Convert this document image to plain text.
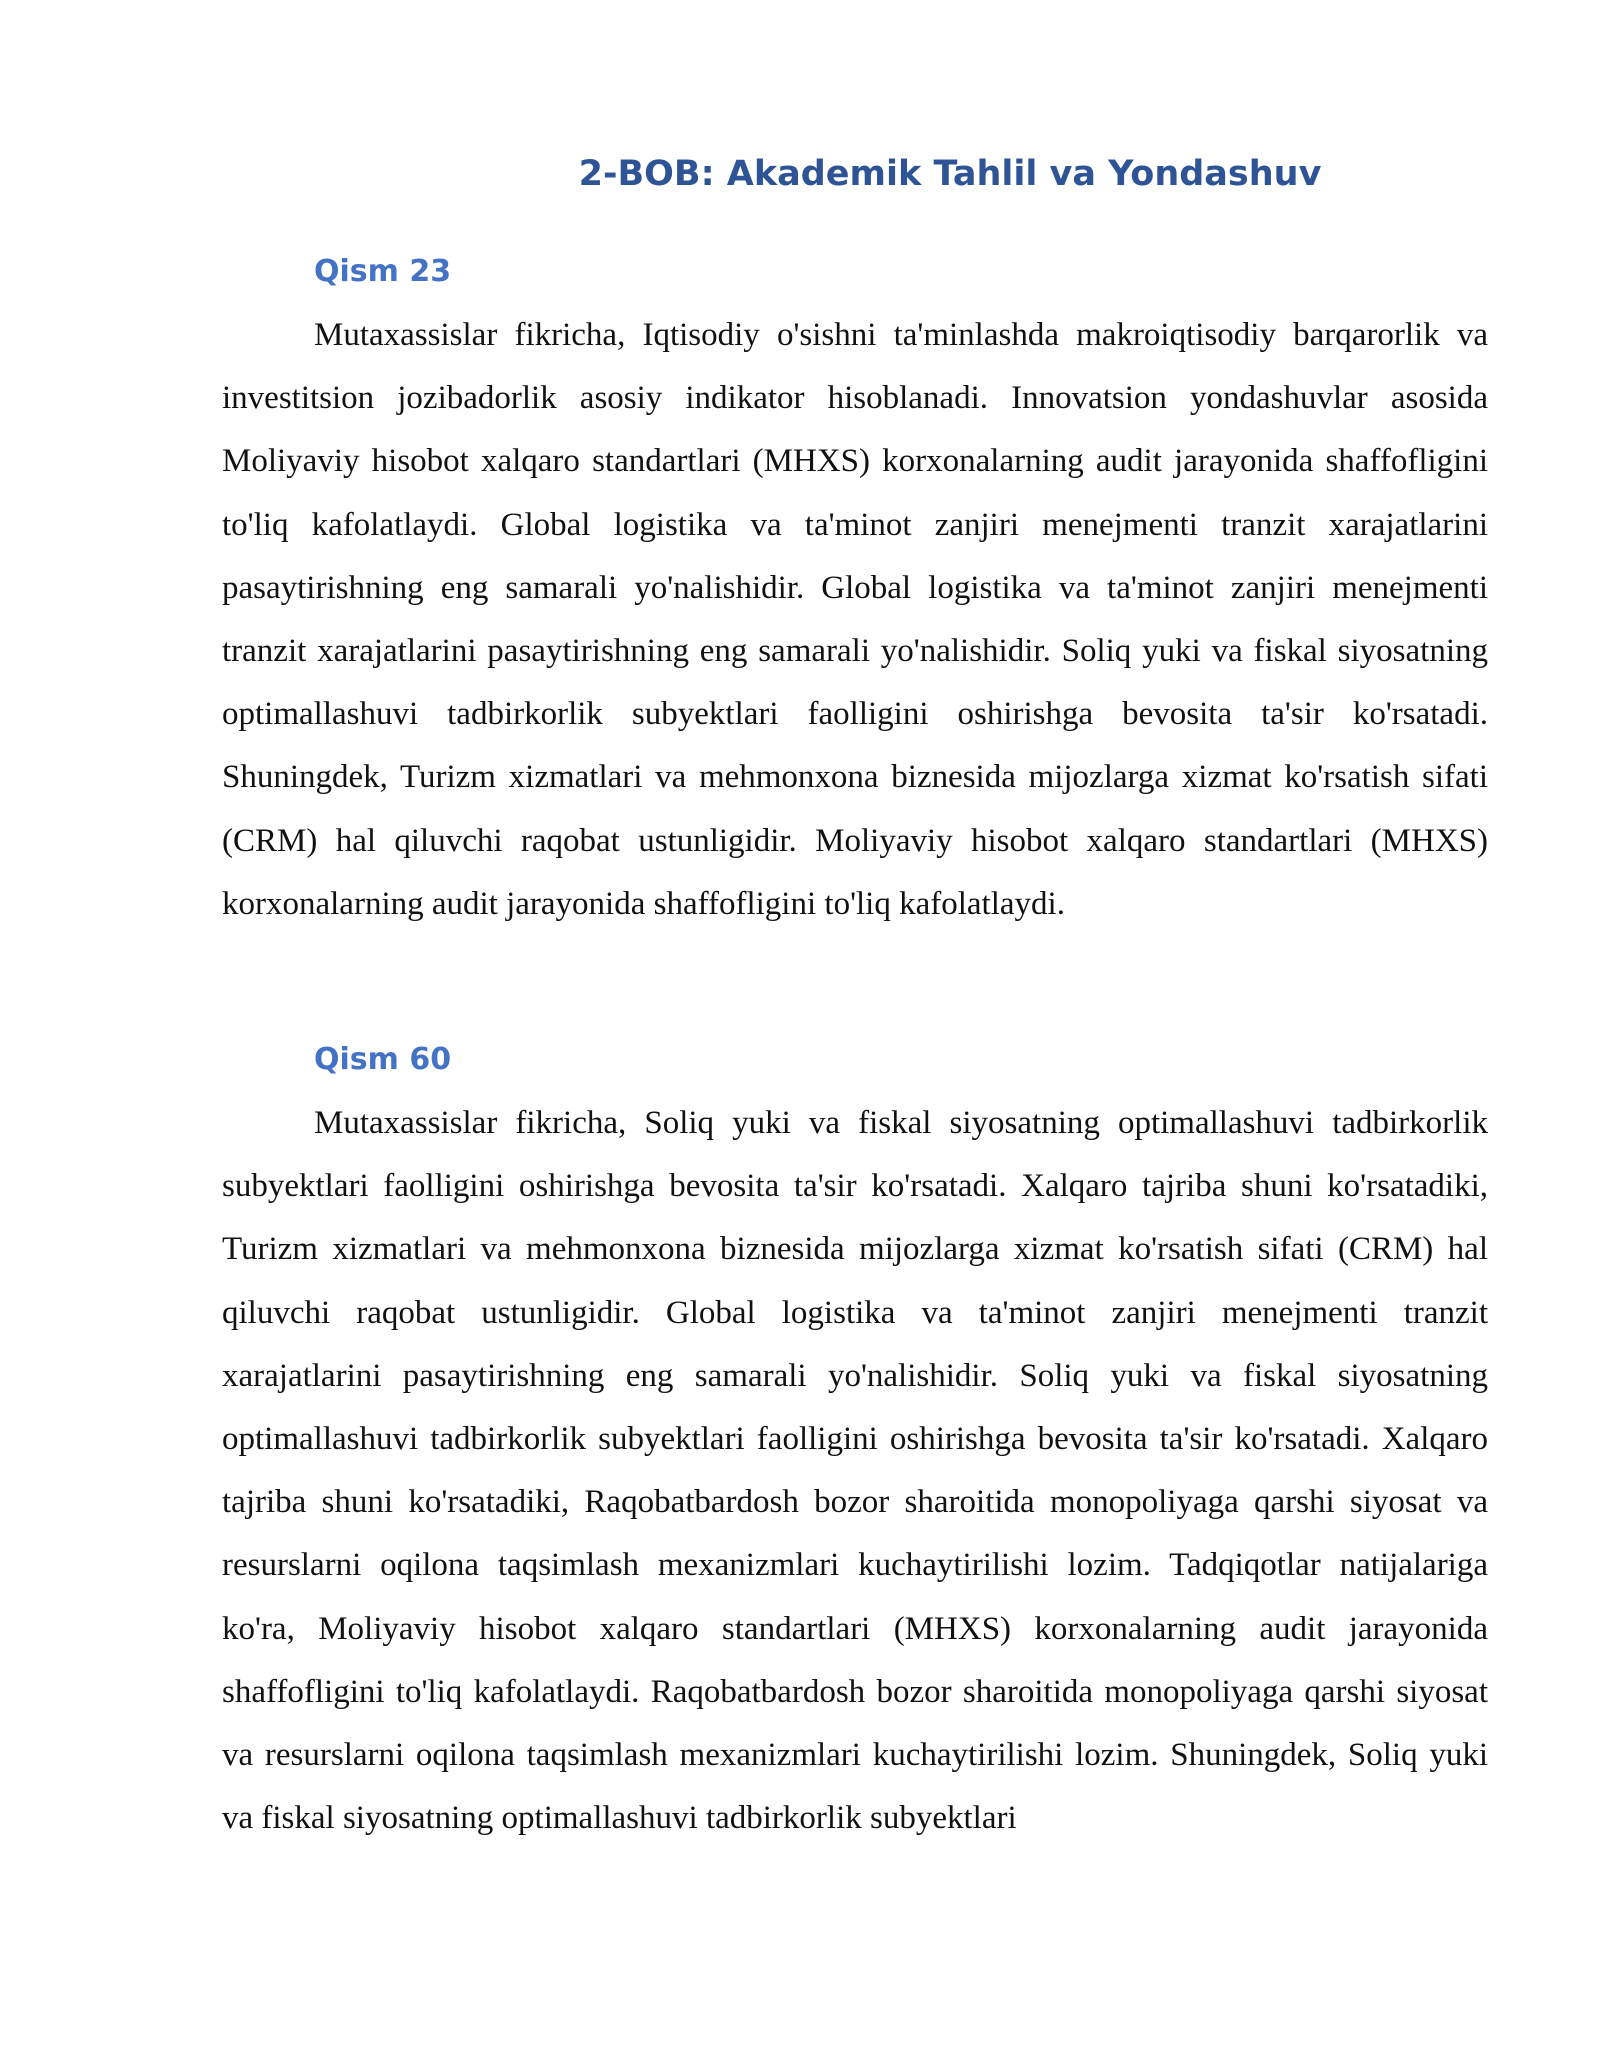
2-BOB: Akademik Tahlil va Yondashuv
Qism 23

Mutaxassislar fikricha, Iqtisodiy o'sishni ta'minlashda makroiqtisodiy barqarorlik va investitsion jozibadorlik asosiy indikator hisoblanadi. Innovatsion yondashuvlar asosida Moliyaviy hisobot xalqaro standartlari (MHXS) korxonalarning audit jarayonida shaffofligini to'liq kafolatlaydi. Global logistika va ta'minot zanjiri menejmenti tranzit xarajatlarini pasaytirishning eng samarali yo'nalishidir. Global logistika va ta'minot zanjiri menejmenti tranzit xarajatlarini pasaytirishning eng samarali yo'nalishidir. Soliq yuki va fiskal siyosatning optimallashuvi tadbirkorlik subyektlari faolligini oshirishga bevosita ta'sir ko'rsatadi. Shuningdek, Turizm xizmatlari va mehmonxona biznesida mijozlarga xizmat ko'rsatish sifati (CRM) hal qiluvchi raqobat ustunligidir. Moliyaviy hisobot xalqaro standartlari (MHXS) korxonalarning audit jarayonida shaffofligini to'liq kafolatlaydi.

Qism 60

Mutaxassislar fikricha, Soliq yuki va fiskal siyosatning optimallashuvi tadbirkorlik subyektlari faolligini oshirishga bevosita ta'sir ko'rsatadi. Xalqaro tajriba shuni ko'rsatadiki, Turizm xizmatlari va mehmonxona biznesida mijozlarga xizmat ko'rsatish sifati (CRM) hal qiluvchi raqobat ustunligidir. Global logistika va ta'minot zanjiri menejmenti tranzit xarajatlarini pasaytirishning eng samarali yo'nalishidir. Soliq yuki va fiskal siyosatning optimallashuvi tadbirkorlik subyektlari faolligini oshirishga bevosita ta'sir ko'rsatadi. Xalqaro tajriba shuni ko'rsatadiki, Raqobatbardosh bozor sharoitida monopoliyaga qarshi siyosat va resurslarni oqilona taqsimlash mexanizmlari kuchaytirilishi lozim. Tadqiqotlar natijalariga ko'ra, Moliyaviy hisobot xalqaro standartlari (MHXS) korxonalarning audit jarayonida shaffofligini to'liq kafolatlaydi. Raqobatbardosh bozor sharoitida monopoliyaga qarshi siyosat va resurslarni oqilona taqsimlash mexanizmlari kuchaytirilishi lozim. Shuningdek, Soliq yuki va fiskal siyosatning optimallashuvi tadbirkorlik subyektlari
